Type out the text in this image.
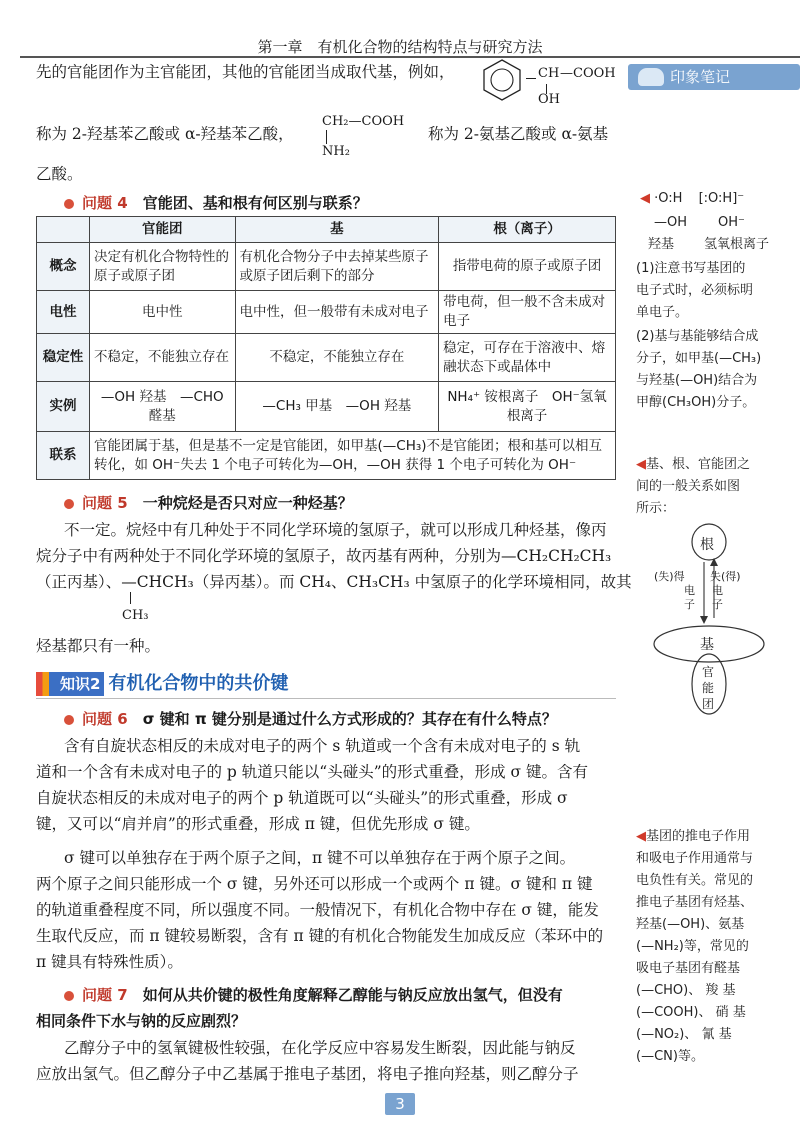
第一章　有机化合物的结构特点与研究方法
印象笔记
先的官能团作为主官能团，其他的官能团当成取代基，例如，	CH —COOH
OH
称为 2-羟基苯乙酸或 α-羟基苯乙酸，
CH₂—COOH
NH₂
称为 2-氨基乙酸或 α-氨基
乙酸。
问题 4　 官能团、基和根有何区别与联系？
	官能团	基	根（离子）
概念	决定有机化合物特性的原子或原子团	有机化合物分子中去掉某些原子或原子团后剩下的部分	指带电荷的原子或原子团
电性	电中性	电中性，但一般带有未成对电子	带电荷，但一般不含未成对电子
稳定性	不稳定，不能独立存在	不稳定，不能独立存在	稳定，可存在于溶液中、熔融状态下或晶体中
实例	—OH 羟基　—CHO 醛基	—CH₃ 甲基　—OH 羟基	NH₄⁺ 铵根离子　OH⁻氢氧根离子
联系	官能团属于基，但是基不一定是官能团，如甲基(—CH₃)不是官能团；根和基可以相互转化，如 OH⁻失去 1 个电子可转化为—OH，—OH 获得 1 个电子可转化为 OH⁻		
问题 5　 一种烷烃是否只对应一种烃基？
不一定。烷烃中有几种处于不同化学环境的氢原子，就可以形成几种烃基，像丙
烷分子中有两种处于不同化学环境的氢原子，故丙基有两种，分别为—CH₂CH₂CH₃
（正丙基）、—CHCH₃（异丙基）。而 CH₄、CH₃CH₃ 中氢原子的化学环境相同，故其
CH₃
烃基都只有一种。
知识2 有机化合物中的共价键
问题 6　 σ 键和 π 键分别是通过什么方式形成的？其存在有什么特点？
含有自旋状态相反的未成对电子的两个 s 轨道或一个含有未成对电子的 s 轨
道和一个含有未成对电子的 p 轨道只能以“头碰头”的形式重叠，形成 σ 键。含有
自旋状态相反的未成对电子的两个 p 轨道既可以“头碰头”的形式重叠，形成 σ
键，又可以“肩并肩”的形式重叠，形成 π 键，但优先形成 σ 键。
σ 键可以单独存在于两个原子之间，π 键不可以单独存在于两个原子之间。
两个原子之间只能形成一个 σ 键，另外还可以形成一个或两个 π 键。σ 键和 π 键
的轨道重叠程度不同，所以强度不同。一般情况下，有机化合物中存在 σ 键，能发
生取代反应，而 π 键较易断裂，含有 π 键的有机化合物能发生加成反应（苯环中的
π 键具有特殊性质）。
问题 7　 如何从共价键的极性角度解释乙醇能与钠反应放出氢气，但没有
相同条件下水与钠的反应剧烈？
乙醇分子中的氢氧键极性较强，在化学反应中容易发生断裂，因此能与钠反
应放出氢气。但乙醇分子中乙基属于推电子基团，将电子推向羟基，则乙醇分子
3
◀ ·O:H [:O:H]⁻
—OH OH⁻
羟基 氢氧根离子
(1)注意书写基团的
电子式时，必须标明
单电子。
(2)基与基能够结合成
分子，如甲基(—CH₃)
与羟基(—OH)结合为
甲醇(CH₃OH)分子。
◀基、根、官能团之
间的一般关系如图
所示：
根
(失)得 失(得)
电子
电子
基
官能团
◀基团的推电子作用
和吸电子作用通常与
电负性有关。常见的
推电子基团有烃基、
羟基(—OH)、氨基
(—NH₂)等，常见的
吸电子基团有醛基
(—CHO)、 羧 基
(—COOH)、 硝 基
(—NO₂)、 氰 基
(—CN)等。
